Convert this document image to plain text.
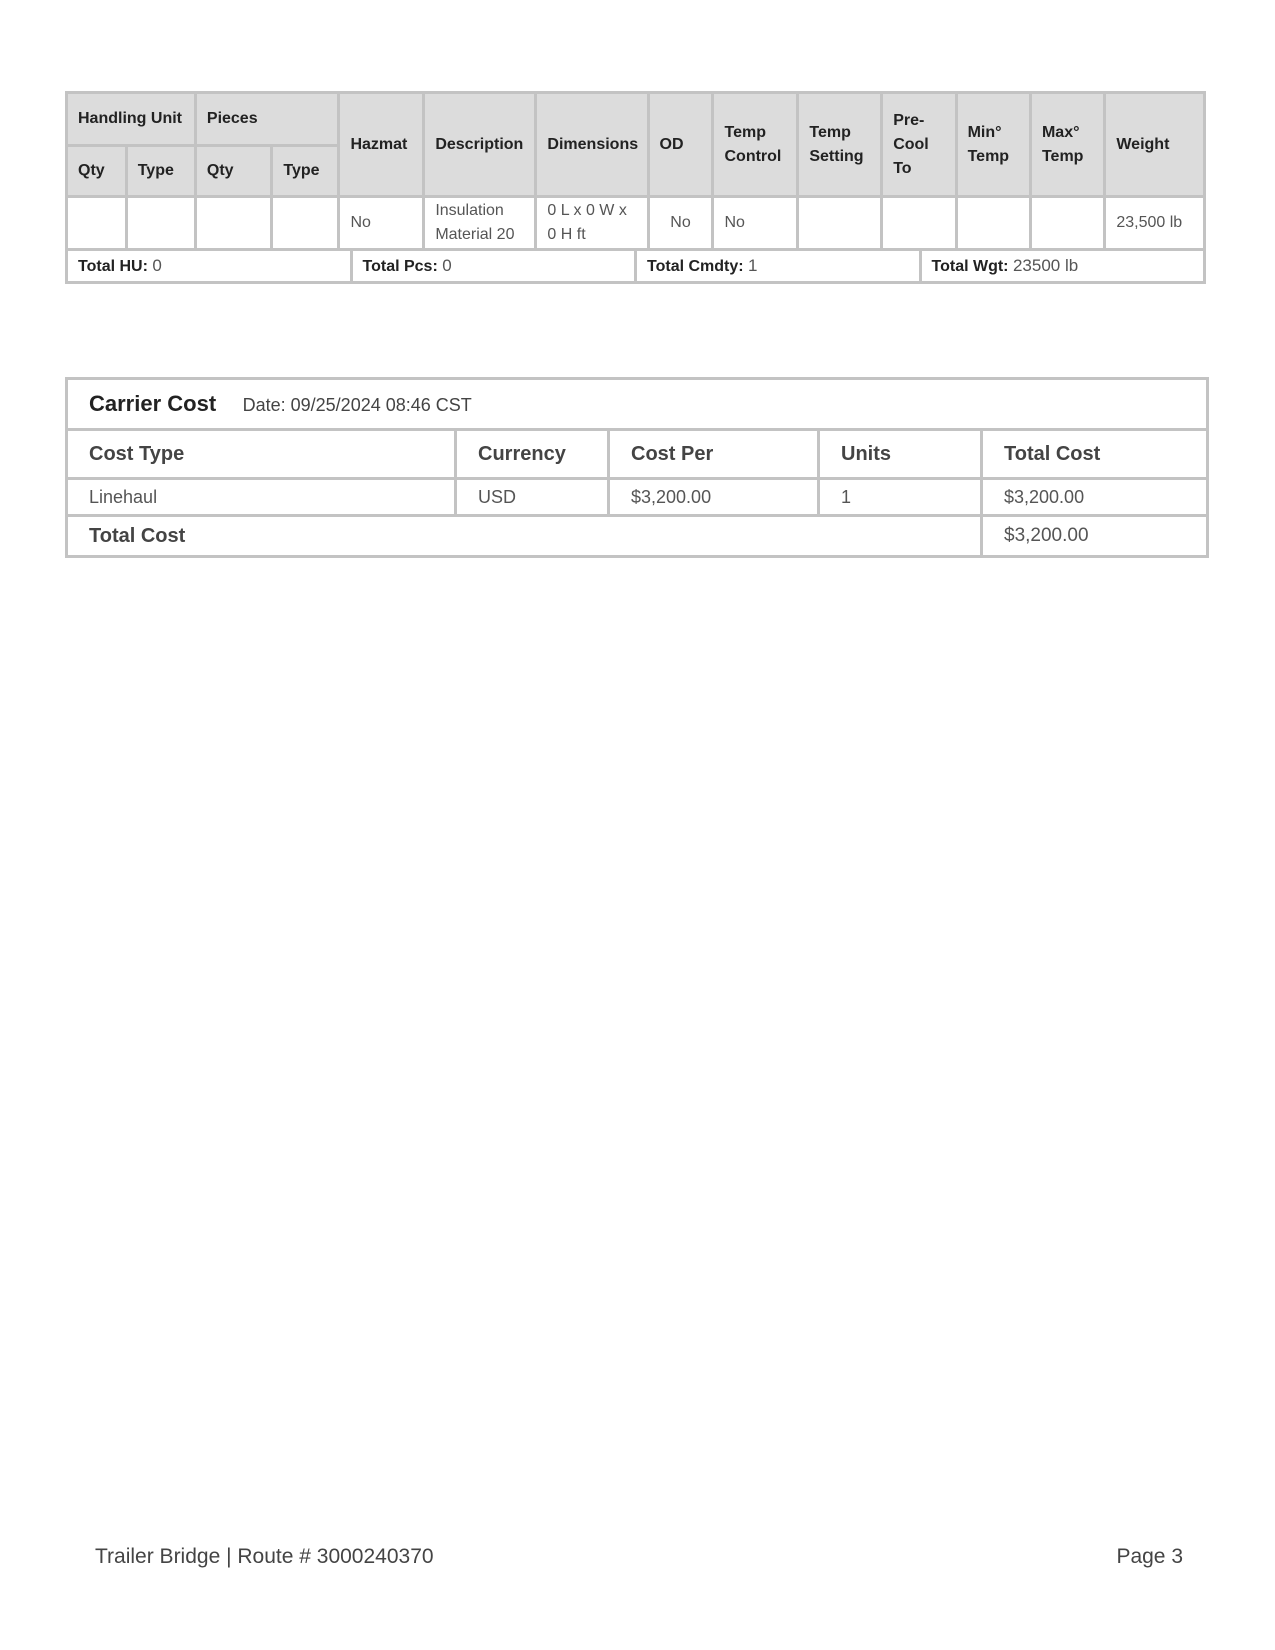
Handling Unit		Pieces		Hazmat	Description	Dimensions	OD	Temp Control	Temp Setting	Pre-Cool To	Min° Temp	Max° Temp	Weight
Qty	Type	Qty	Type										
				No	Insulation Material 20	0 L x 0 W x 0 H ft	No	No					23,500 lb

Total HU: 0 Total Pcs: 0 Total Cmdty: 1 Total Wgt: 23500 lb													
Carrier Cost Date: 09/25/2024 08:46 CST				
Cost Type	Currency	Cost Per	Units	Total Cost
Linehaul	USD	$3,200.00	1	$3,200.00
Total Cost				$3,200.00
Trailer Bridge | Route # 3000240370	Page 3
